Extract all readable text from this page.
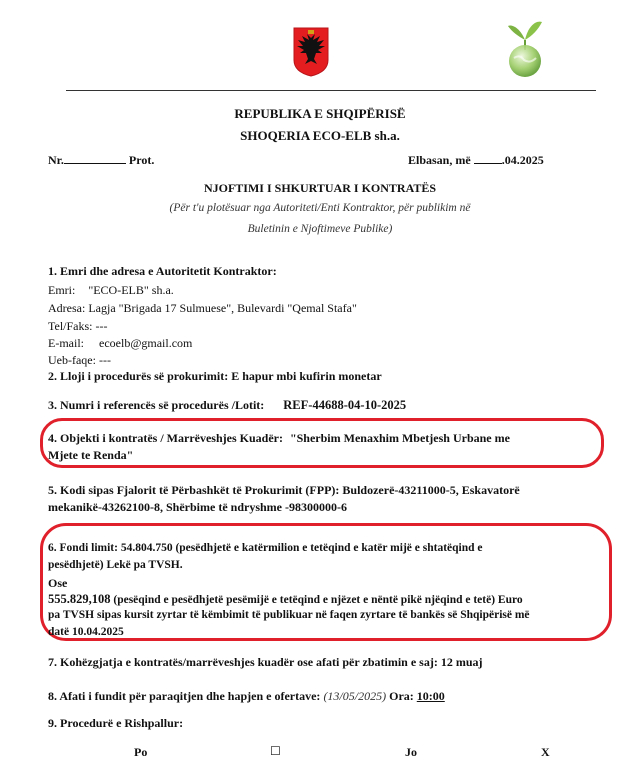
REPUBLIKA E SHQIPËRISË
SHOQERIA ECO-ELB sh.a.
Nr.	Prot.	Elbasan, më	.04.2025
NJOFTIMI I SHKURTUAR I KONTRATËS
(Për t'u plotësuar nga Autoriteti/Enti Kontraktor, për publikim në
Buletinin e Njoftimeve Publike)
1. Emri dhe adresa e Autoritetit Kontraktor:
Emri: "ECO-ELB" sh.a.
Adresa: Lagja "Brigada 17 Sulmuese", Bulevardi "Qemal Stafa"
Tel/Faks: ---
E-mail: ecoelb@gmail.com
Ueb-faqe: ---
2. Lloji i procedurës së prokurimit: E hapur mbi kufirin monetar
3. Numri i referencës së procedurës /Lotit: REF-44688-04-10-2025
4. Objekti i kontratës / Marrëveshjes Kuadër: "Sherbim Menaxhim Mbetjesh Urbane me
Mjete te Renda"
5. Kodi sipas Fjalorit të Përbashkët të Prokurimit (FPP): Buldozerë-43211000-5, Eskavatorë
mekanikë-43262100-8, Shërbime të ndryshme -98300000-6
6. Fondi limit: 54.804.750 (pesëdhjetë e katërmilion e tetëqind e katër mijë e shtatëqind e
pesëdhjetë) Lekë pa TVSH.
Ose
555.829,108 (pesëqind e pesëdhjetë pesëmijë e tetëqind e njëzet e nëntë pikë njëqind e tetë) Euro
pa TVSH sipas kursit zyrtar të këmbimit të publikuar në faqen zyrtare të bankës së Shqipërisë më
datë 10.04.2025
7. Kohëzgjatja e kontratës/marrëveshjes kuadër ose afati për zbatimin e saj: 12 muaj
8. Afati i fundit për paraqitjen dhe hapjen e ofertave: (13/05/2025) Ora: 10:00
9. Procedurë e Rishpallur:
Po	☐	Jo	X
